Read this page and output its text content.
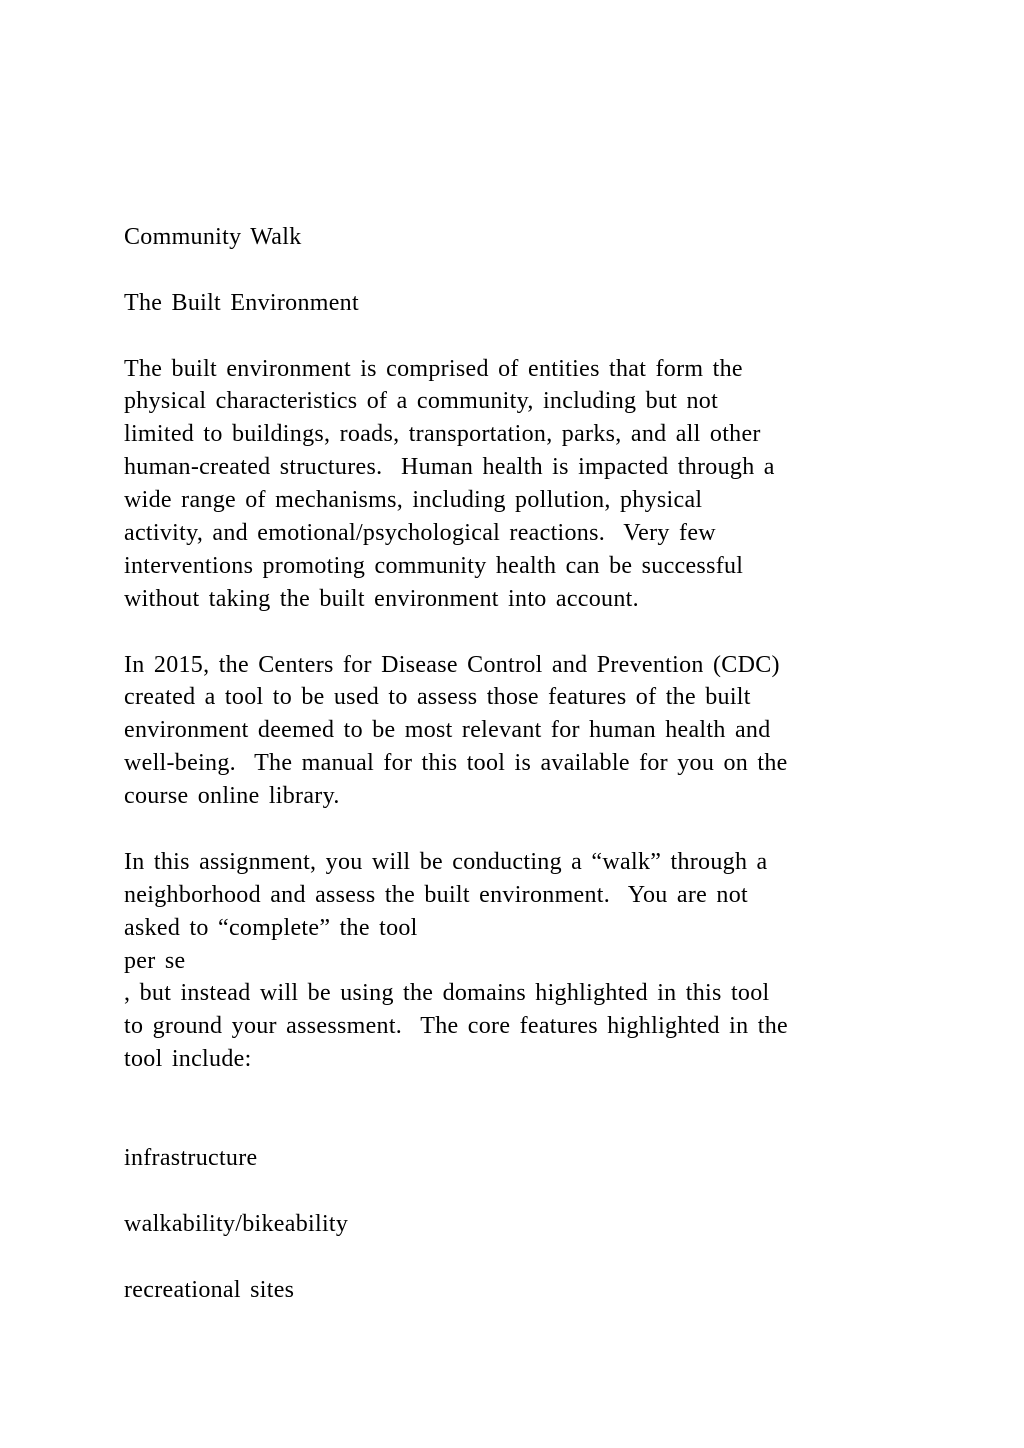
Community Walk
The Built Environment
The built environment is comprised of entities that form the
physical characteristics of a community, including but not
limited to buildings, roads, transportation, parks, and all other
human-created structures.  Human health is impacted through a
wide range of mechanisms, including pollution, physical
activity, and emotional/psychological reactions.  Very few
interventions promoting community health can be successful
without taking the built environment into account.
In 2015, the Centers for Disease Control and Prevention (CDC)
created a tool to be used to assess those features of the built
environment deemed to be most relevant for human health and
well-being.  The manual for this tool is available for you on the
course online library.
In this assignment, you will be conducting a “walk” through a
neighborhood and assess the built environment.  You are not
asked to “complete” the tool
per se
, but instead will be using the domains highlighted in this tool
to ground your assessment.  The core features highlighted in the
tool include:
infrastructure
walkability/bikeability
recreational sites
